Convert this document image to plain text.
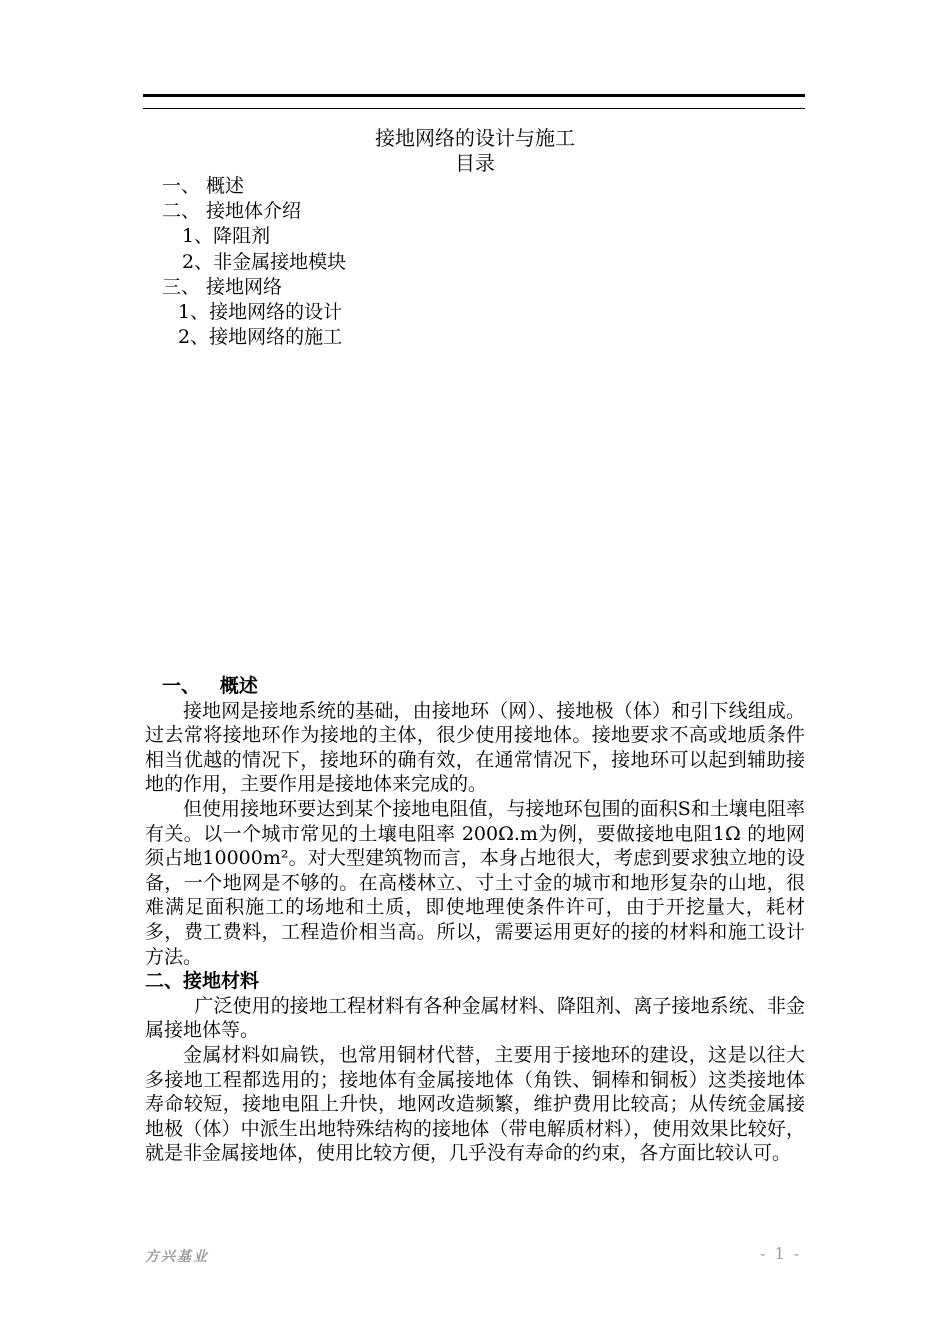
接地网络的设计与施工
目录
一、 概述
二、 接地体介绍
1、降阻剂
2、非金属接地模块
三、 接地网络
1、接地网络的设计
2、接地网络的施工

一、   概述

接地网是接地系统的基础，由接地环（网）、接地极（体）和引下线组成。过去常将接地环作为接地的主体，很少使用接地体。接地要求不高或地质条件相当优越的情况下，接地环的确有效，在通常情况下，接地环可以起到辅助接地的作用，主要作用是接地体来完成的。

但使用接地环要达到某个接地电阻值，与接地环包围的面积S和土壤电阻率有关。以一个城市常见的土壤电阻率 200Ω.m为例，要做接地电阻1Ω 的地网须占地10000m²。对大型建筑物而言，本身占地很大，考虑到要求独立地的设备，一个地网是不够的。在高楼林立、寸土寸金的城市和地形复杂的山地，很难满足面积施工的场地和土质，即使地理使条件许可，由于开挖量大，耗材多，费工费料，工程造价相当高。所以，需要运用更好的接的材料和施工设计方法。

二、接地材料

广泛使用的接地工程材料有各种金属材料、降阻剂、离子接地系统、非金属接地体等。

金属材料如扁铁，也常用铜材代替，主要用于接地环的建设，这是以往大多接地工程都选用的；接地体有金属接地体（角铁、铜棒和铜板）这类接地体寿命较短，接地电阻上升快，地网改造频繁，维护费用比较高；从传统金属接地极（体）中派生出地特殊结构的接地体（带电解质材料），使用效果比较好，就是非金属接地体，使用比较方便，几乎没有寿命的约束，各方面比较认可。

方兴基业	- 1 -
